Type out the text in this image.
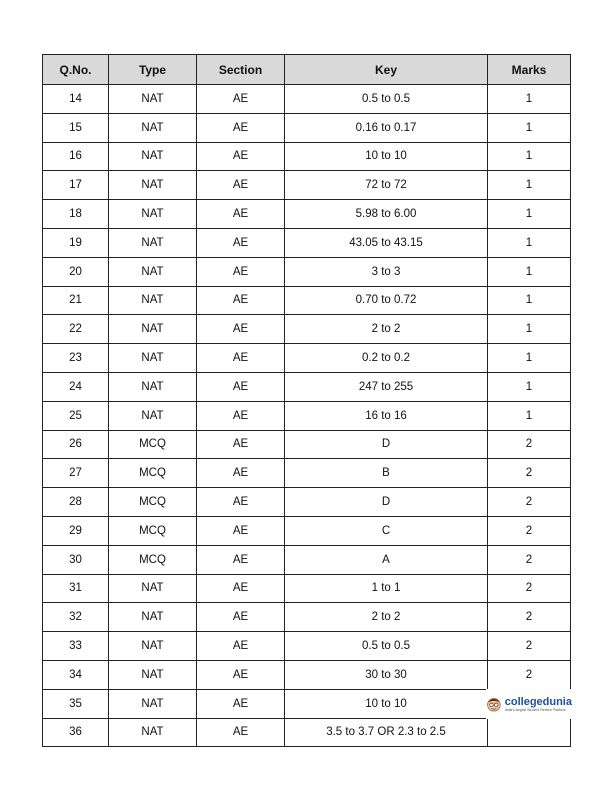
Q.No.	Type	Section	Key	Marks
14	NAT	AE	0.5 to 0.5	1
15	NAT	AE	0.16 to 0.17	1
16	NAT	AE	10 to 10	1
17	NAT	AE	72 to 72	1
18	NAT	AE	5.98 to 6.00	1
19	NAT	AE	43.05 to 43.15	1
20	NAT	AE	3 to 3	1
21	NAT	AE	0.70 to 0.72	1
22	NAT	AE	2 to 2	1
23	NAT	AE	0.2 to 0.2	1
24	NAT	AE	247 to 255	1
25	NAT	AE	16 to 16	1
26	MCQ	AE	D	2
27	MCQ	AE	B	2
28	MCQ	AE	D	2
29	MCQ	AE	C	2
30	MCQ	AE	A	2
31	NAT	AE	1 to 1	2
32	NAT	AE	2 to 2	2
33	NAT	AE	0.5 to 0.5	2
34	NAT	AE	30 to 30	2
35	NAT	AE	10 to 10	
36	NAT	AE	3.5 to 3.7 OR 2.3 to 2.5	
collegedunia
India's largest Student Review Platform
